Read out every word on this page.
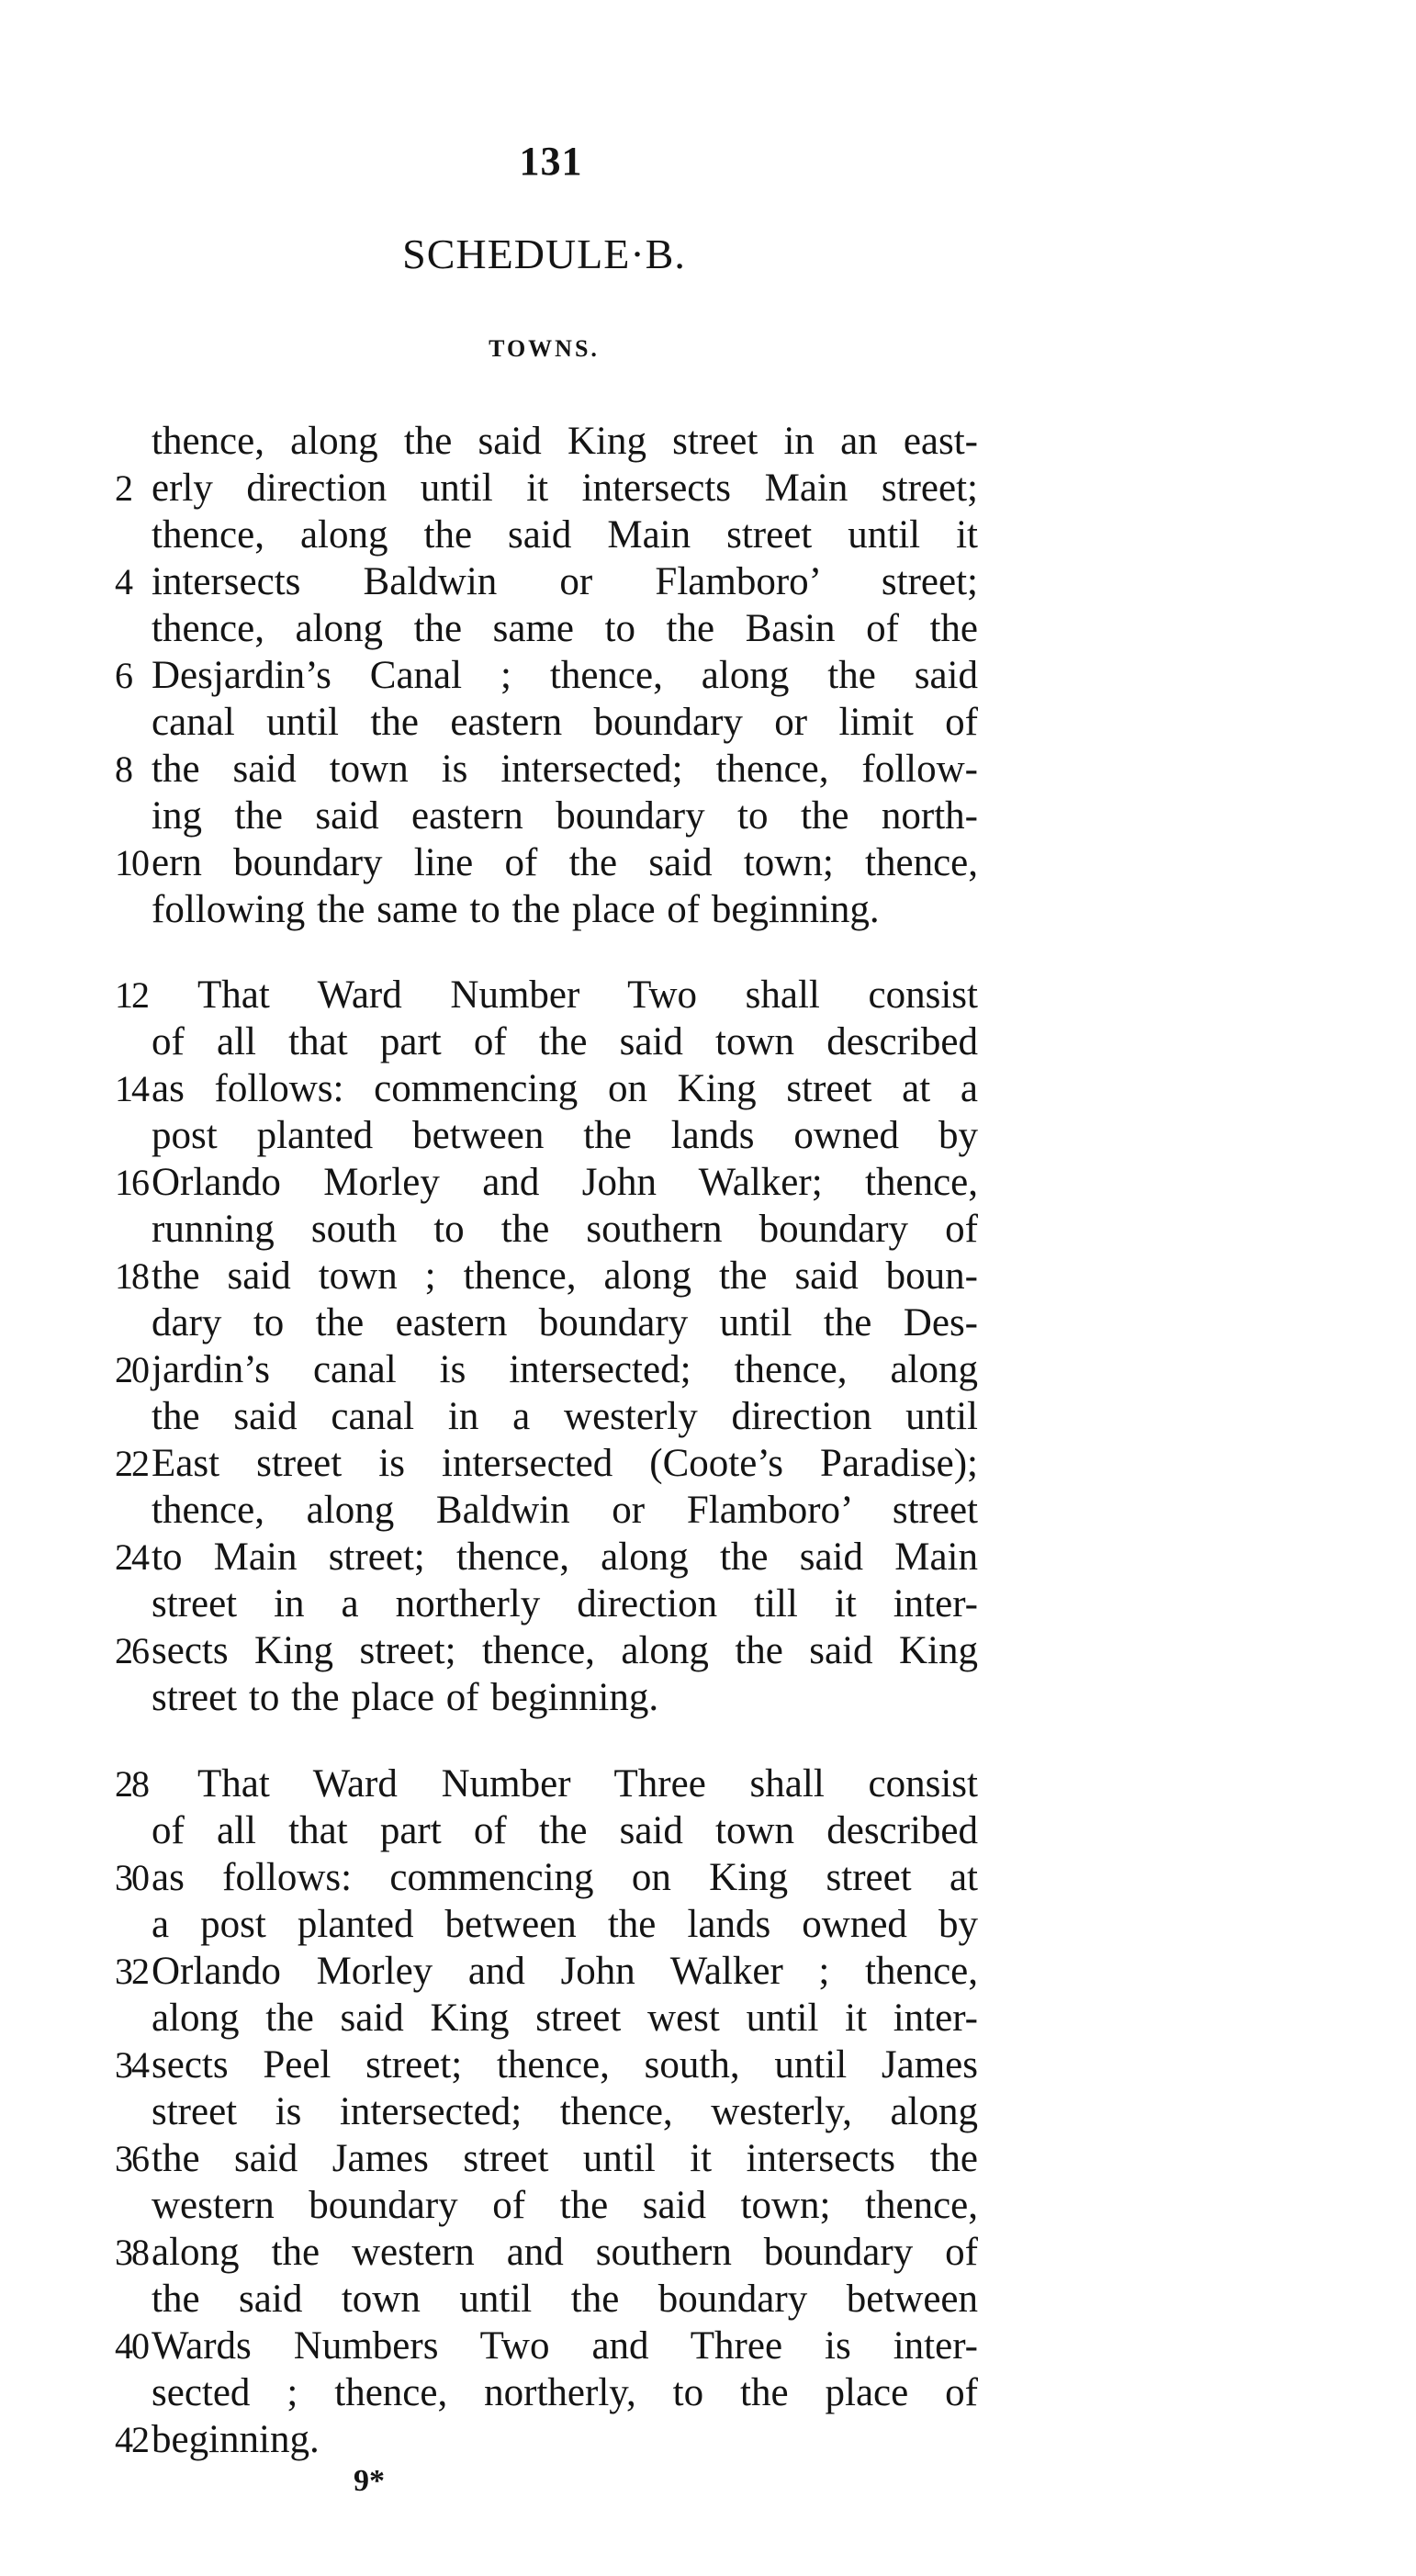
131
SCHEDULE·B.
TOWNS.
thence, along the said King street in an east-
2 erly direction until it intersects Main street;
thence, along the said Main street until it
4 intersects Baldwin or Flamboro’ street;
thence, along the same to the Basin of the
6 Desjardin’s Canal ; thence, along the said
canal until the eastern boundary or limit of
8 the said town is intersected; thence, follow-
ing the said eastern boundary to the north-
10 ern boundary line of the said town; thence,
following the same to the place of beginning.
12 That Ward Number Two shall consist
of all that part of the said town described
14 as follows: commencing on King street at a
post planted between the lands owned by
16 Orlando Morley and John Walker; thence,
running south to the southern boundary of
18 the said town ; thence, along the said boun-
dary to the eastern boundary until the Des-
20 jardin’s canal is intersected; thence, along
the said canal in a westerly direction until
22 East street is intersected (Coote’s Paradise);
thence, along Baldwin or Flamboro’ street
24 to Main street; thence, along the said Main
street in a northerly direction till it inter-
26 sects King street; thence, along the said King
street to the place of beginning.
28 That Ward Number Three shall consist
of all that part of the said town described
30 as follows: commencing on King street at
a post planted between the lands owned by
32 Orlando Morley and John Walker ; thence,
along the said King street west until it inter-
34 sects Peel street; thence, south, until James
street is intersected; thence, westerly, along
36 the said James street until it intersects the
western boundary of the said town; thence,
38 along the western and southern boundary of
the said town until the boundary between
40 Wards Numbers Two and Three is inter-
sected ; thence, northerly, to the place of
42 beginning.
9*
